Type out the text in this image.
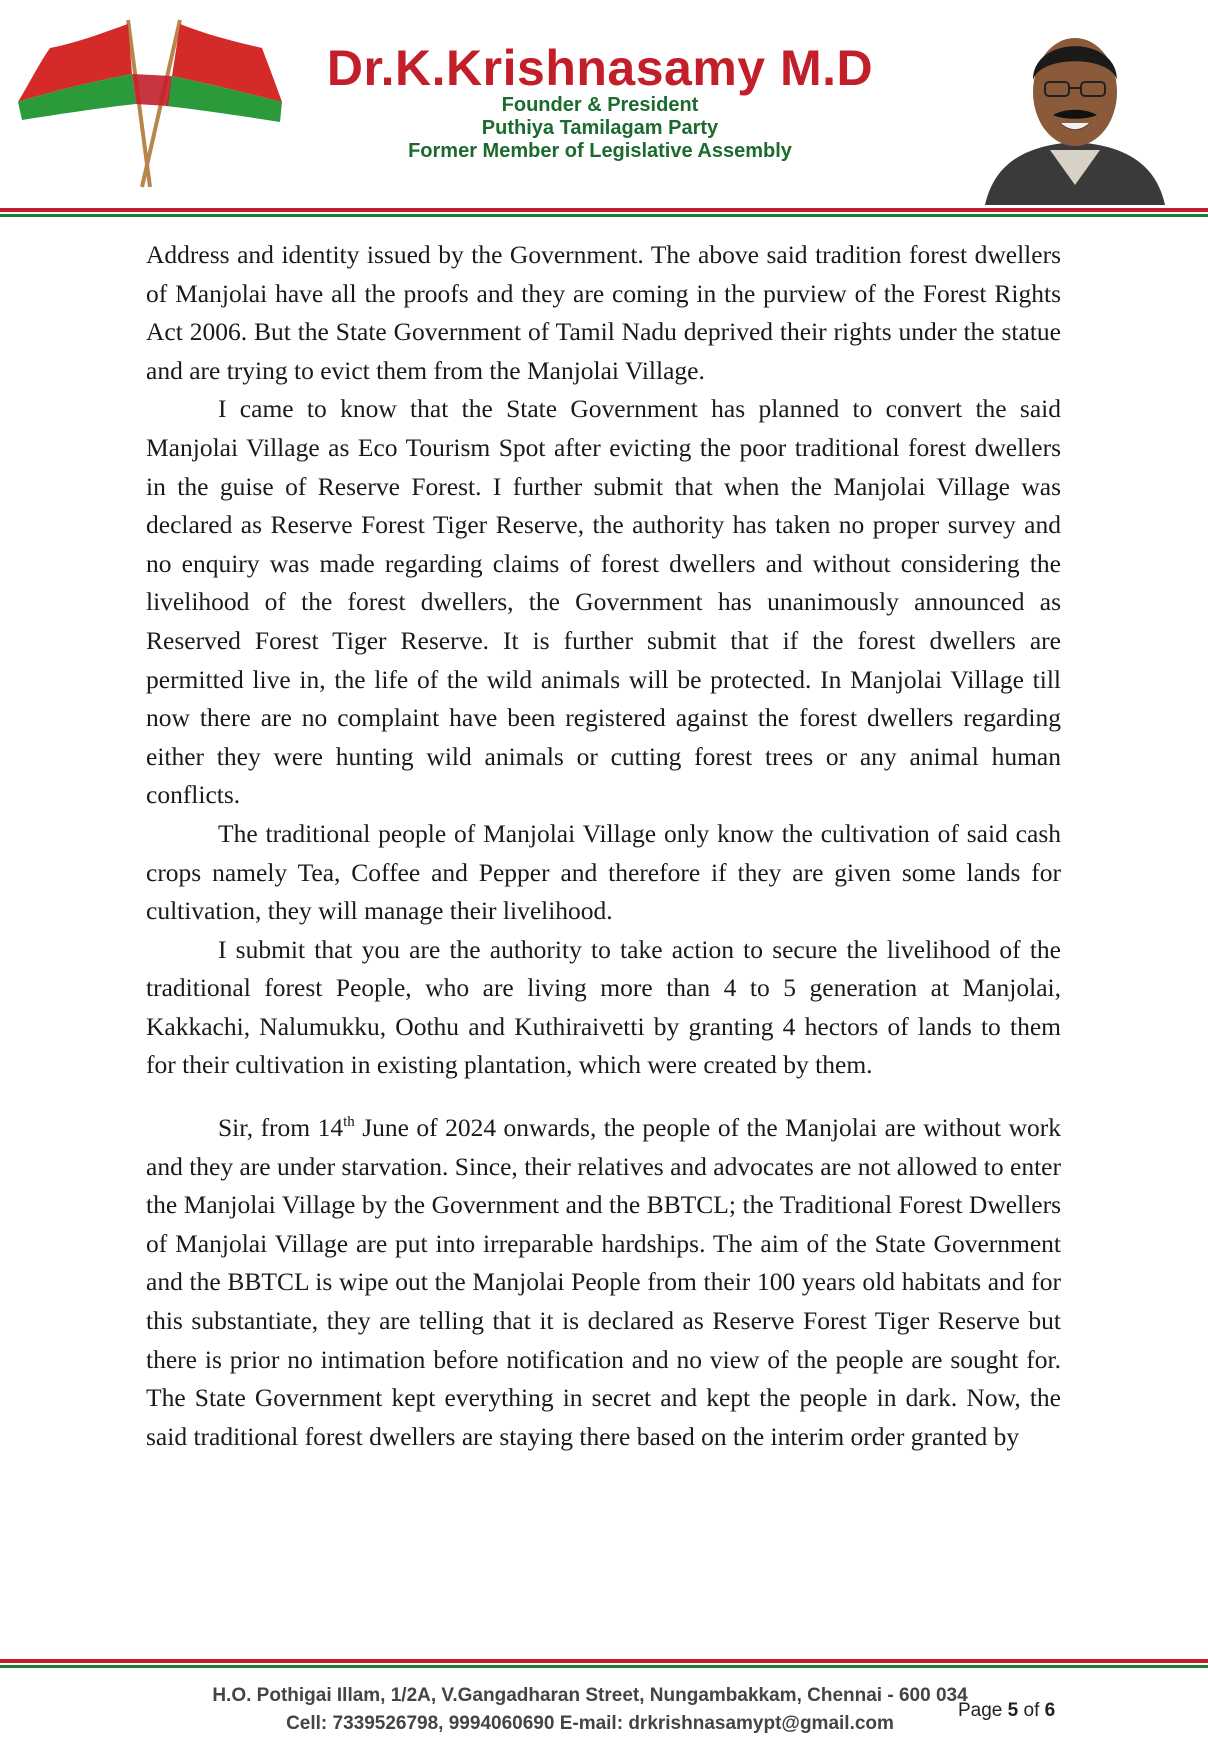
Dr.K.Krishnasamy M.D
Founder & President
Puthiya Tamilagam Party
Former Member of Legislative Assembly

Address and identity issued by the Government. The above said tradition forest dwellers of Manjolai have all the proofs and they are coming in the purview of the Forest Rights Act 2006. But the State Government of Tamil Nadu deprived their rights under the statue and are trying to evict them from the Manjolai Village.

I came to know that the State Government has planned to convert the said Manjolai Village as Eco Tourism Spot after evicting the poor traditional forest dwellers in the guise of Reserve Forest. I further submit that when the Manjolai Village was declared as Reserve Forest Tiger Reserve, the authority has taken no proper survey and no enquiry was made regarding claims of forest dwellers and without considering the livelihood of the forest dwellers, the Government has unanimously announced as Reserved Forest Tiger Reserve. It is further submit that if the forest dwellers are permitted live in, the life of the wild animals will be protected. In Manjolai Village till now there are no complaint have been registered against the forest dwellers regarding either they were hunting wild animals or cutting forest trees or any animal human conflicts.

The traditional people of Manjolai Village only know the cultivation of said cash crops namely Tea, Coffee and Pepper and therefore if they are given some lands for cultivation, they will manage their livelihood.

I submit that you are the authority to take action to secure the livelihood of the traditional forest People, who are living more than 4 to 5 generation at Manjolai, Kakkachi, Nalumukku, Oothu and Kuthiraivetti by granting 4 hectors of lands to them for their cultivation in existing plantation, which were created by them.

Sir, from 14th June of 2024 onwards, the people of the Manjolai are without work and they are under starvation. Since, their relatives and advocates are not allowed to enter the Manjolai Village by the Government and the BBTCL; the Traditional Forest Dwellers of Manjolai Village are put into irreparable hardships. The aim of the State Government and the BBTCL is wipe out the Manjolai People from their 100 years old habitats and for this substantiate, they are telling that it is declared as Reserve Forest Tiger Reserve but there is prior no intimation before notification and no view of the people are sought for. The State Government kept everything in secret and kept the people in dark. Now, the said traditional forest dwellers are staying there based on the interim order granted by

H.O. Pothigai Illam, 1/2A, V.Gangadharan Street, Nungambakkam, Chennai - 600 034
Cell: 7339526798, 9994060690 E-mail: drkrishnasamypt@gmail.com
Page 5 of 6
